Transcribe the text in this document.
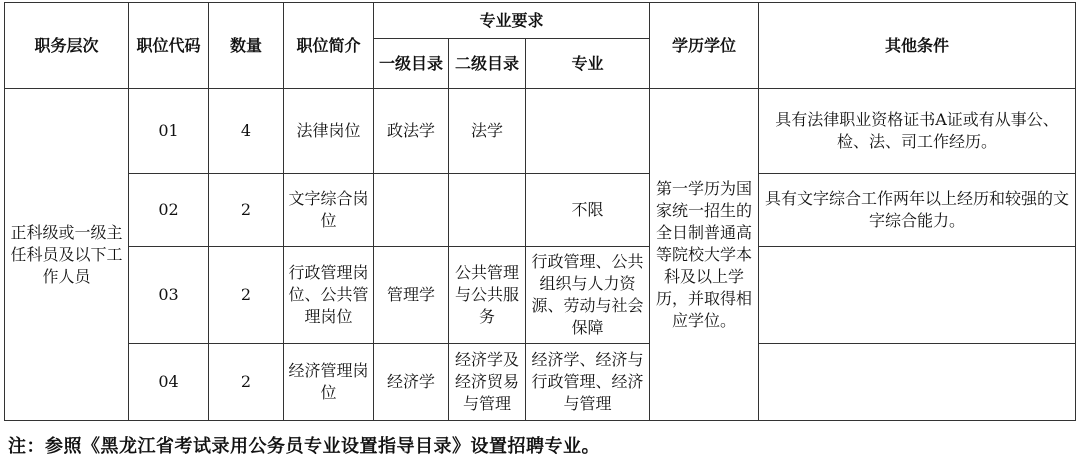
职务层次	职位代码	数量	职位简介	专业要求			学历学位	其他条件
				一级目录	二级目录	专业		
正科级或一级主任科员及以下工作人员	01	4	法律岗位	政法学	法学		第一学历为国家统一招生的全日制普通高等院校大学本科及以上学历，并取得相应学位。	具有法律职业资格证书A证或有从事公、检、法、司工作经历。
	02	2	文字综合岗位			不限		具有文字综合工作两年以上经历和较强的文字综合能力。
	03	2	行政管理岗位、公共管理岗位	管理学	公共管理与公共服务	行政管理、公共组织与人力资源、劳动与社会保障		
	04	2	经济管理岗位	经济学	经济学及经济贸易与管理	经济学、经济与行政管理、经济与管理		
注：参照《黑龙江省考试录用公务员专业设置指导目录》设置招聘专业。
